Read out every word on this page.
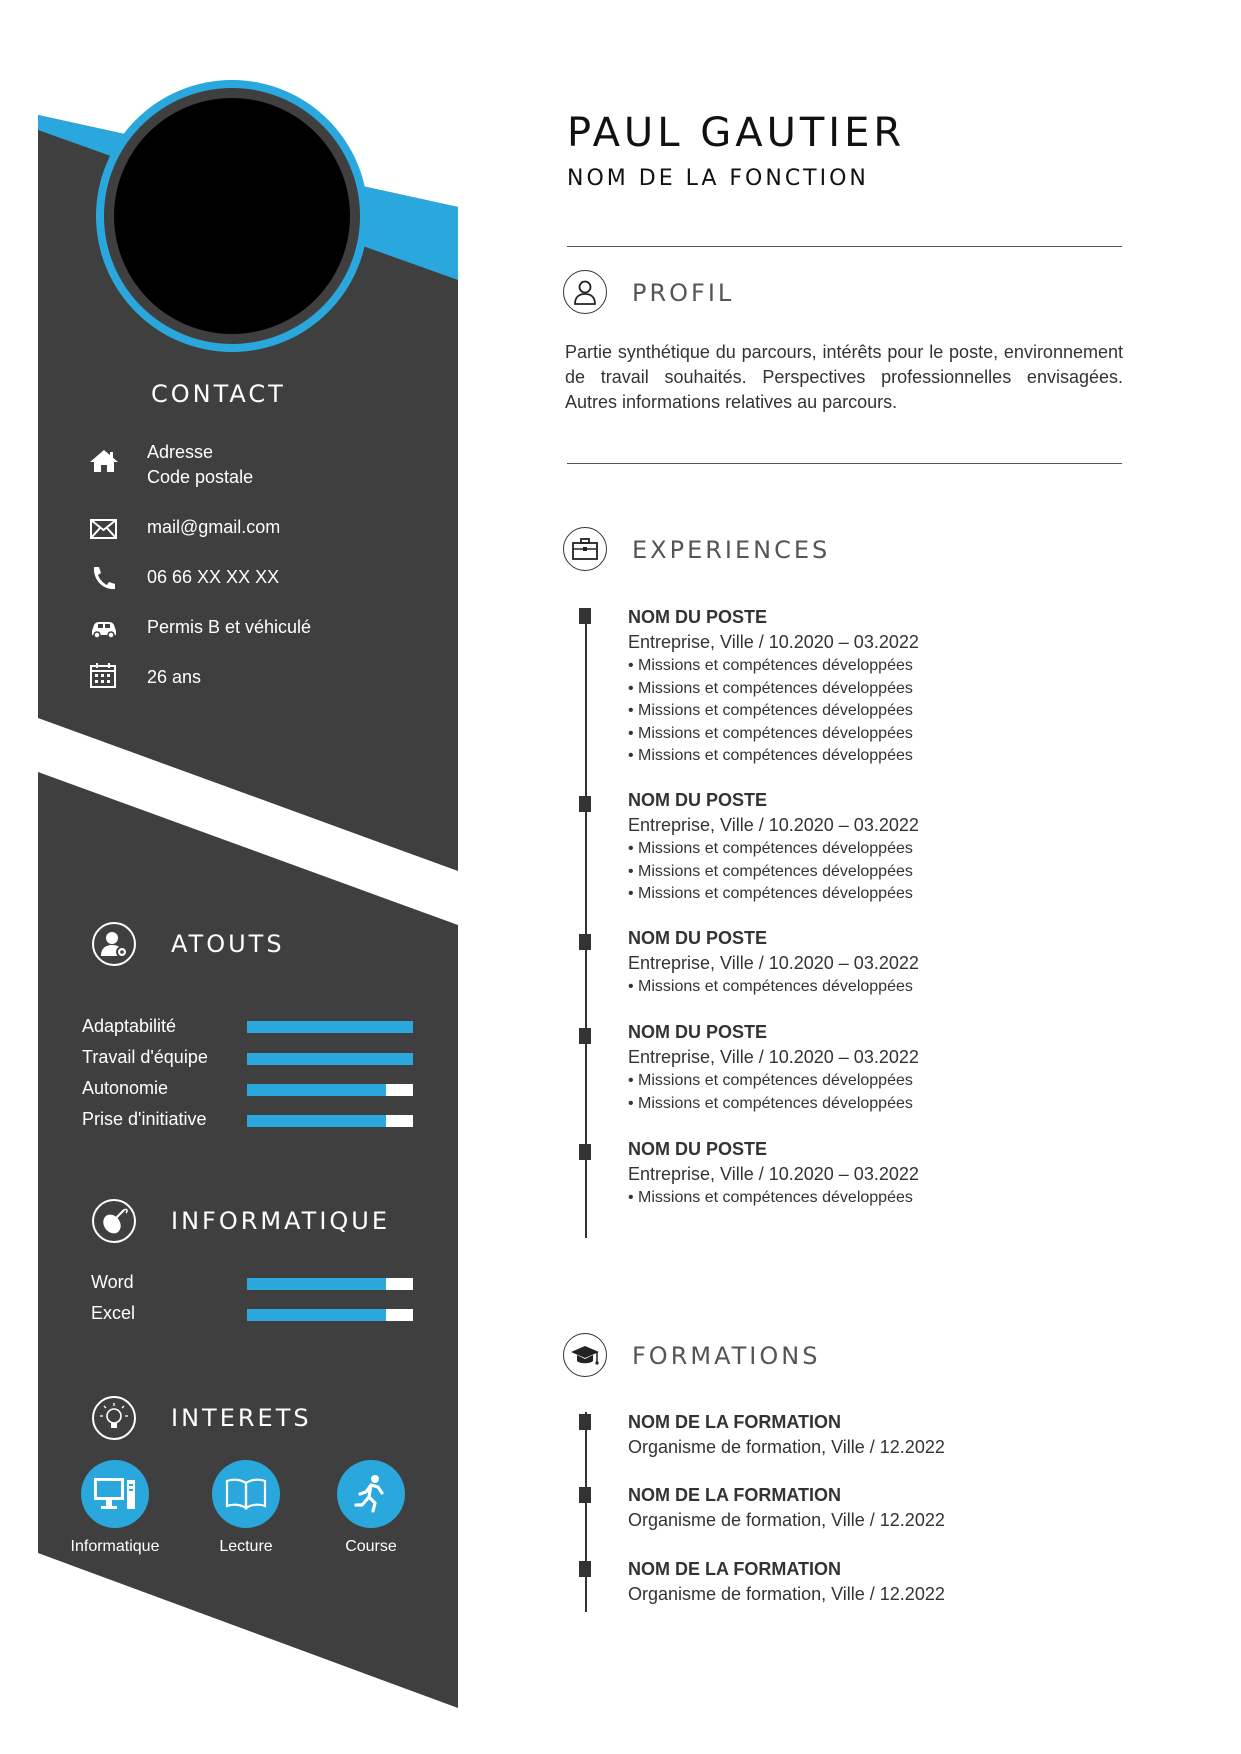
CONTACT
Adresse
Code postale
mail@gmail.com
06 66 XX XX XX
Permis B et véhiculé
26 ans
ATOUTS
Adaptabilité
Travail d'équipe
Autonomie
Prise d'initiative
INFORMATIQUE
Word
Excel
INTERETS
Informatique	Lecture	Course
PAUL GAUTIER
NOM DE LA FONCTION
PROFIL
Partie synthétique du parcours, intérêts pour le poste, environnement de travail souhaités. Perspectives professionnelles envisagées. Autres informations relatives au parcours.
EXPERIENCES
NOM DU POSTE
Entreprise, Ville / 10.2020 – 03.2022
• Missions et compétences développées
• Missions et compétences développées
• Missions et compétences développées
• Missions et compétences développées
• Missions et compétences développées
NOM DU POSTE
Entreprise, Ville / 10.2020 – 03.2022
• Missions et compétences développées
• Missions et compétences développées
• Missions et compétences développées
NOM DU POSTE
Entreprise, Ville / 10.2020 – 03.2022
• Missions et compétences développées
NOM DU POSTE
Entreprise, Ville / 10.2020 – 03.2022
• Missions et compétences développées
• Missions et compétences développées
NOM DU POSTE
Entreprise, Ville / 10.2020 – 03.2022
• Missions et compétences développées
FORMATIONS
NOM DE LA FORMATION
Organisme de formation, Ville / 12.2022
NOM DE LA FORMATION
Organisme de formation, Ville / 12.2022
NOM DE LA FORMATION
Organisme de formation, Ville / 12.2022
